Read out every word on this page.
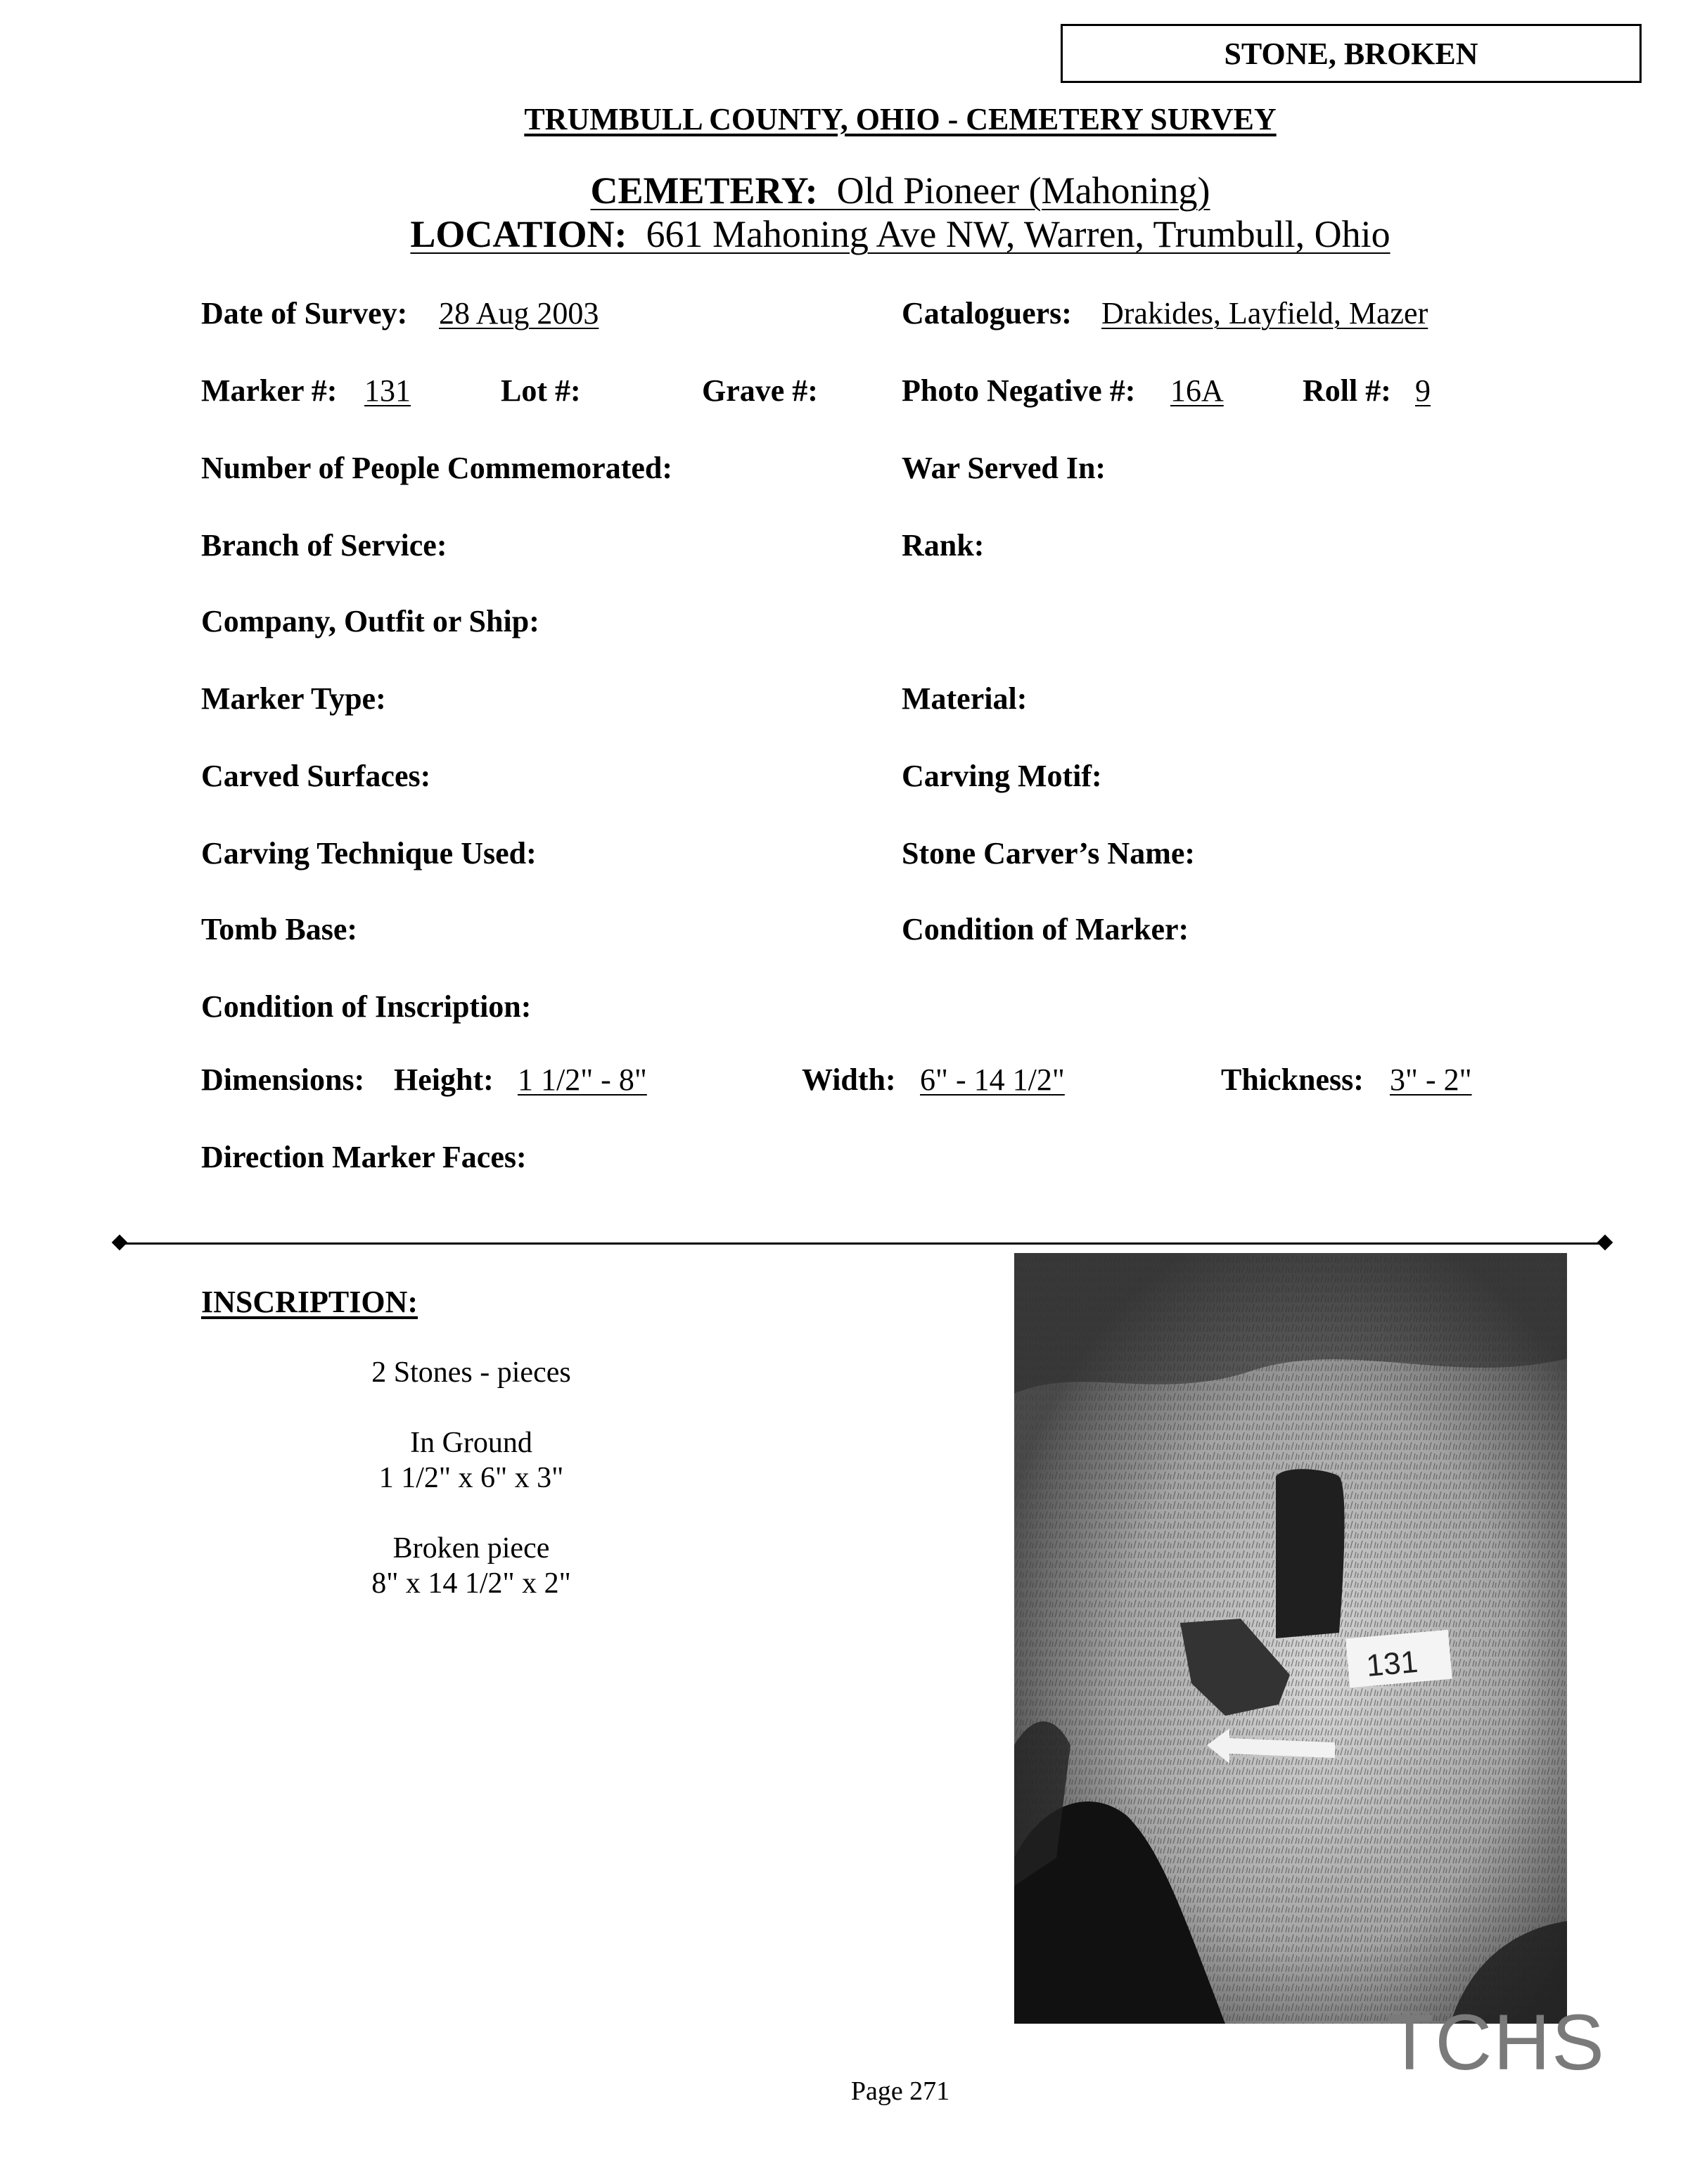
STONE, BROKEN
TRUMBULL COUNTY, OHIO - CEMETERY SURVEY
CEMETERY: Old Pioneer (Mahoning)
LOCATION: 661 Mahoning Ave NW, Warren, Trumbull, Ohio
Date of Survey: 28 Aug 2003	Cataloguers: Drakides, Layfield, Mazer
Marker #: 131	Lot #:	Grave #:	Photo Negative #: 16A	Roll #: 9
Number of People Commemorated:	War Served In:
Branch of Service:	Rank:
Company, Outfit or Ship:
Marker Type:	Material:
Carved Surfaces:	Carving Motif:
Carving Technique Used:	Stone Carver’s Name:
Tomb Base:	Condition of Marker:
Condition of Inscription:
Dimensions: Height: 1 1/2" - 8"	Width: 6" - 14 1/2"	Thickness: 3" - 2"
Direction Marker Faces:
INSCRIPTION:
2 Stones - pieces
In Ground
1 1/2" x 6" x 3"
Broken piece
8" x 14 1/2" x 2"
131
TCHS
Page 271
